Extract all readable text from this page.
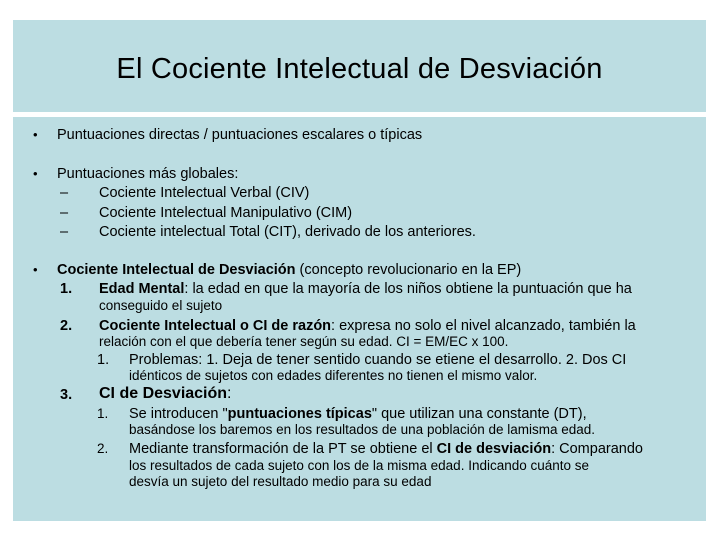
El Cociente Intelectual de Desviación
• Puntuaciones directas / puntuaciones escalares o típicas
• Puntuaciones más globales:
– Cociente Intelectual Verbal (CIV)
– Cociente Intelectual Manipulativo (CIM)
– Cociente intelectual Total (CIT), derivado de los anteriores.
• Cociente Intelectual de Desviación (concepto revolucionario en la EP)
1. Edad Mental: la edad en que la mayoría de los niños obtiene la puntuación que ha
conseguido el sujeto
2. Cociente Intelectual o CI de razón: expresa no solo el nivel alcanzado, también la
relación con el que debería tener según su edad. CI = EM/EC x 100.
1. Problemas: 1. Deja de tener sentido cuando se etiene el desarrollo. 2. Dos CI
idénticos de sujetos con edades diferentes no tienen el mismo valor.
3. CI de Desviación:
1. Se introducen "puntuaciones típicas" que utilizan una constante (DT),
basándose los baremos en los resultados de una población de lamisma edad.
2. Mediante transformación de la PT se obtiene el CI de desviación: Comparando
los resultados de cada sujeto con los de la misma edad. Indicando cuánto se
desvía un sujeto del resultado medio para su edad
